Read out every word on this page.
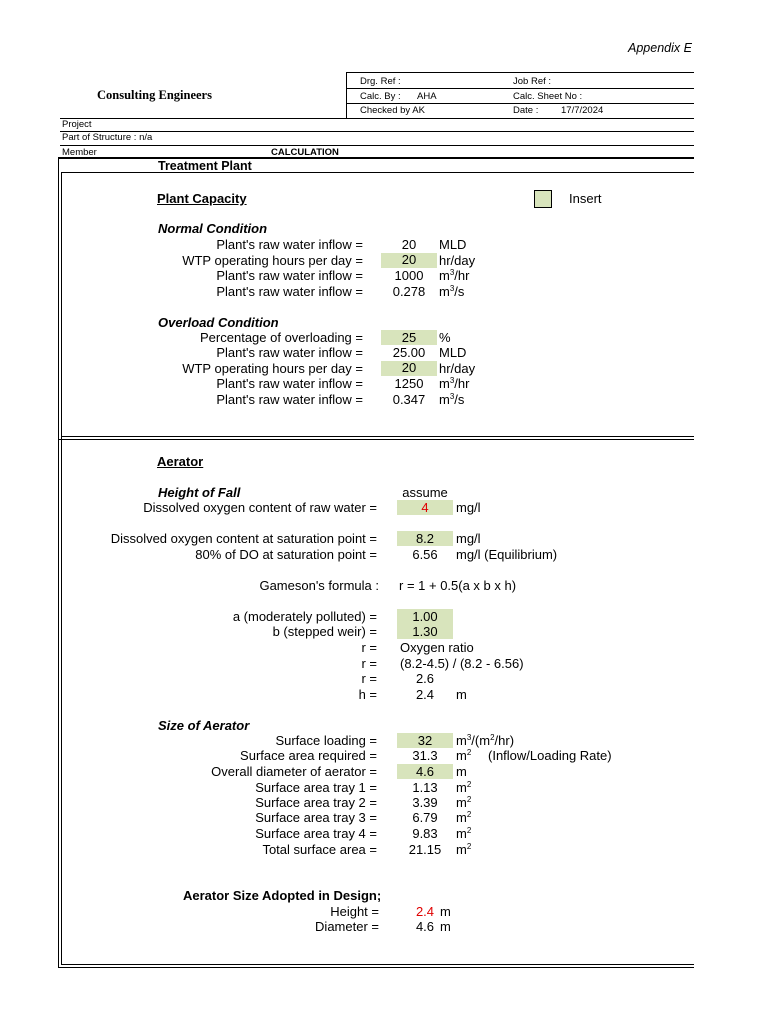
Appendix E
Consulting Engineers
Drg. Ref :	Job Ref :
Calc. By : AHA	Calc. Sheet No :
Checked by AK	Date : 17/7/2024
Project
Part of Structure : n/a
Member	CALCULATION
Treatment Plant
Plant Capacity	Insert
Normal Condition
Plant's raw water inflow =	20	MLD
WTP operating hours per day =	20	hr/day
Plant's raw water inflow =	1000	$m^3/hr$
Plant's raw water inflow =	0.278	$m^3/s$
Overload Condition
Percentage of overloading =	25	%
Plant's raw water inflow =	25.00	MLD
WTP operating hours per day =	20	hr/day
Plant's raw water inflow =	1250	$m^3/hr$
Plant's raw water inflow =	0.347	$m^3/s$
Aerator
Height of Fall	assume
Dissolved oxygen content of raw water =	4	mg/l
Dissolved oxygen content at saturation point =	8.2	mg/l
80% of DO at saturation point =	6.56	mg/l (Equilibrium)
Gameson's formula : r = 1 + 0.5(a x b x h)
a (moderately polluted) =	1.00
b (stepped weir) =	1.30
r = Oxygen ratio
r = (8.2-4.5) / (8.2 - 6.56)
r =	2.6
h =	2.4	m
Size of Aerator
Surface loading =	32	$m^3/(m^2/hr)$
Surface area required =	31.3	$m^2$ (Inflow/Loading Rate)
Overall diameter of aerator =	4.6	m
Surface area tray 1 =	1.13	$m^2$
Surface area tray 2 =	3.39	$m^2$
Surface area tray 3 =	6.79	$m^2$
Surface area tray 4 =	9.83	$m^2$
Total surface area =	21.15	$m^2$
Aerator Size Adopted in Design;
Height =	2.4 m
Diameter =	4.6 m
